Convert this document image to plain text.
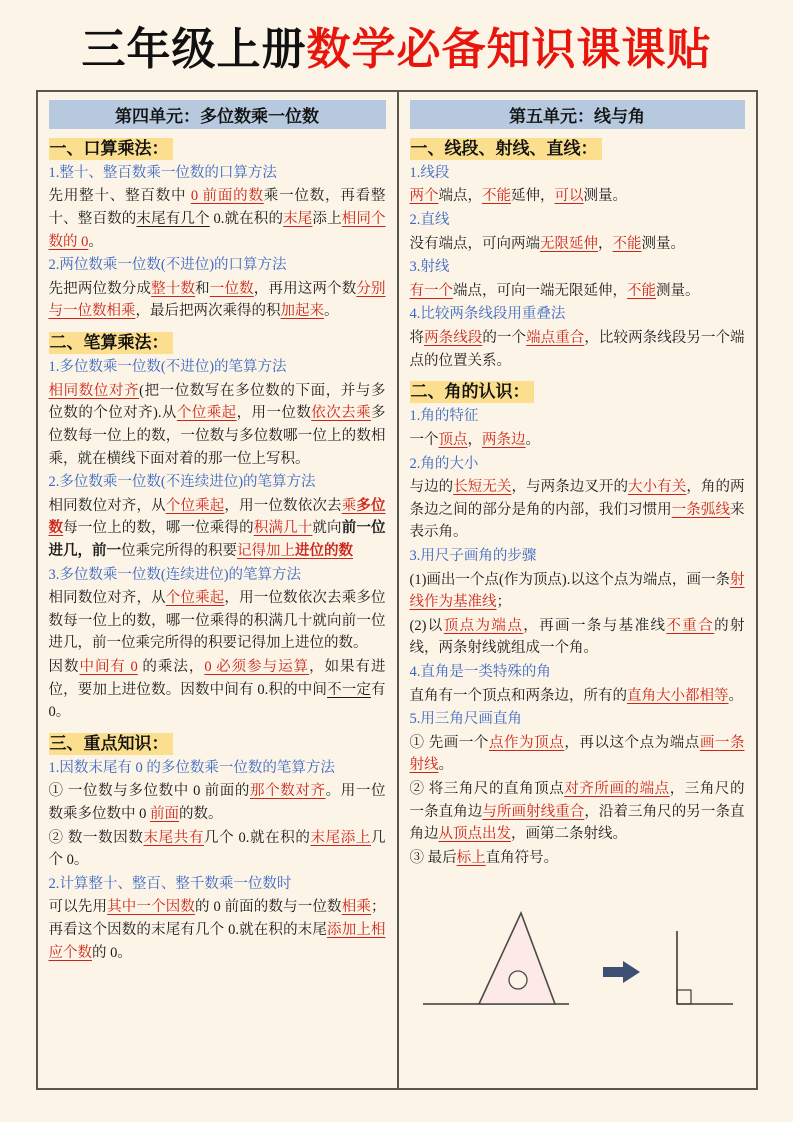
三年级上册数学必备知识课课贴
第四单元：多位数乘一位数
一、口算乘法：

1.整十、整百数乘一位数的口算方法

先用整十、整百数中 0 前面的数乘一位数，再看整十、整百数的末尾有几个 0.就在积的末尾添上相同个数的 0。

2.两位数乘一位数(不进位)的口算方法

先把两位数分成整十数和一位数，再用这两个数分别与一位数相乘，最后把两次乘得的积加起来。

二、笔算乘法：

1.多位数乘一位数(不进位)的笔算方法

相同数位对齐(把一位数写在多位数的下面，并与多位数的个位对齐).从个位乘起，用一位数依次去乘多位数每一位上的数，一位数与多位数哪一位上的数相乘，就在横线下面对着的那一位上写积。

2.多位数乘一位数(不连续进位)的笔算方法

相同数位对齐，从个位乘起，用一位数依次去乘多位数每一位上的数，哪一位乘得的积满几十就向前一位进几，前一位乘完所得的积要记得加上进位的数

3.多位数乘一位数(连续进位)的笔算方法

相同数位对齐，从个位乘起，用一位数依次去乘多位数每一位上的数，哪一位乘得的积满几十就向前一位进几，前一位乘完所得的积要记得加上进位的数。

因数中间有 0 的乘法，0 必须参与运算，如果有进位，要加上进位数。因数中间有 0.积的中间不一定有 0。

三、重点知识：

1.因数末尾有 0 的多位数乘一位数的笔算方法

① 一位数与多位数中 0 前面的那个数对齐。用一位数乘多位数中 0 前面的数。

② 数一数因数末尾共有几个 0.就在积的末尾添上几个 0。

2.计算整十、整百、整千数乘一位数时

可以先用其中一个因数的 0 前面的数与一位数相乘；再看这个因数的末尾有几个 0.就在积的末尾添加上相应个数的 0。

第五单元：线与角
一、线段、射线、直线：

1.线段

两个端点，不能延伸，可以测量。

2.直线

没有端点，可向两端无限延伸，不能测量。

3.射线

有一个端点，可向一端无限延伸，不能测量。

4.比较两条线段用重叠法

将两条线段的一个端点重合，比较两条线段另一个端点的位置关系。

二、角的认识：

1.角的特征

一个顶点，两条边。

2.角的大小

与边的长短无关，与两条边叉开的大小有关，角的两条边之间的部分是角的内部，我们习惯用一条弧线来表示角。

3.用尺子画角的步骤

(1)画出一个点(作为顶点).以这个点为端点，画一条射线作为基准线；

(2)以顶点为端点，再画一条与基准线不重合的射线，两条射线就组成一个角。

4.直角是一类特殊的角

直角有一个顶点和两条边，所有的直角大小都相等。

5.用三角尺画直角

① 先画一个点作为顶点，再以这个点为端点画一条射线。

② 将三角尺的直角顶点对齐所画的端点，三角尺的一条直角边与所画射线重合，沿着三角尺的另一条直角边从顶点出发，画第二条射线。

③ 最后标上直角符号。
